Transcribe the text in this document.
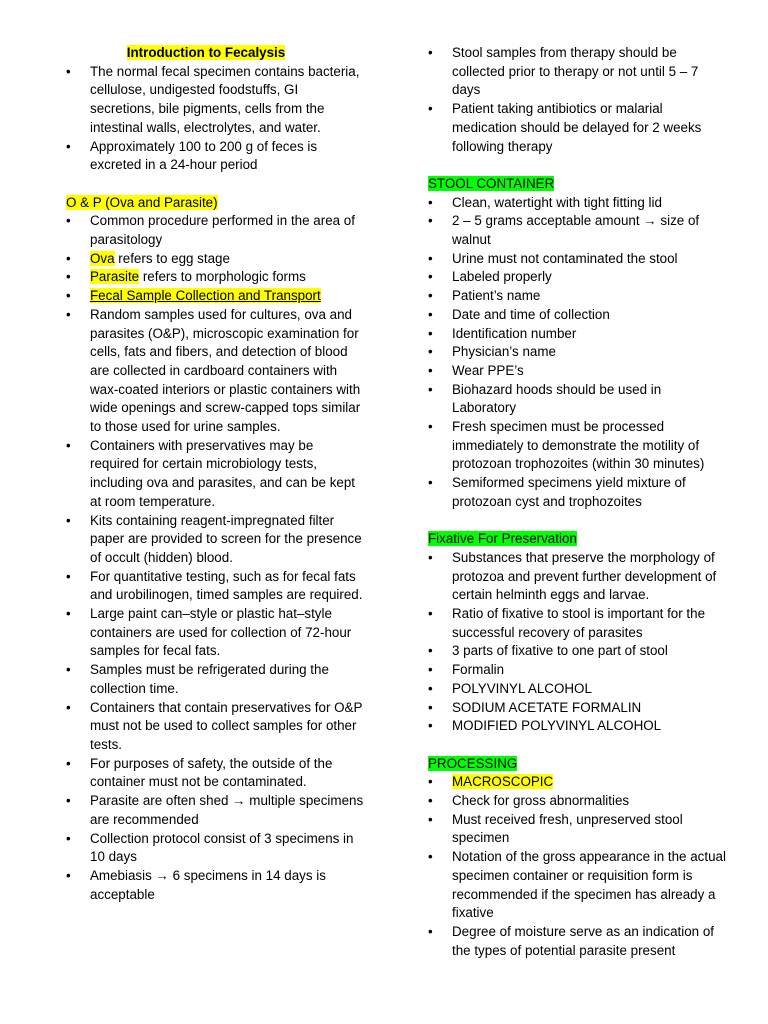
Introduction to Fecalysis
•	The normal fecal specimen contains bacteria, cellulose, undigested foodstuffs, GI secretions, bile pigments, cells from the intestinal walls, electrolytes, and water.
•	Approximately 100 to 200 g of feces is excreted in a 24-hour period
O & P (Ova and Parasite)
•	Common procedure performed in the area of parasitology
•	Ova refers to egg stage
•	Parasite refers to morphologic forms
•	Fecal Sample Collection and Transport
•	Random samples used for cultures, ova and parasites (O&P), microscopic examination for cells, fats and fibers, and detection of blood are collected in cardboard containers with wax-coated interiors or plastic containers with wide openings and screw-capped tops similar to those used for urine samples.
•	Containers with preservatives may be required for certain microbiology tests, including ova and parasites, and can be kept at room temperature.
•	Kits containing reagent-impregnated filter paper are provided to screen for the presence of occult (hidden) blood.
•	For quantitative testing, such as for fecal fats and urobilinogen, timed samples are required.
•	Large paint can–style or plastic hat–style containers are used for collection of 72-hour samples for fecal fats.
•	Samples must be refrigerated during the collection time.
•	Containers that contain preservatives for O&P must not be used to collect samples for other tests.
•	For purposes of safety, the outside of the container must not be contaminated.
•	Parasite are often shed → multiple specimens are recommended
•	Collection protocol consist of 3 specimens in 10 days
•	Amebiasis → 6 specimens in 14 days is acceptable
•	Stool samples from therapy should be collected prior to therapy or not until 5 – 7 days
•	Patient taking antibiotics or malarial medication should be delayed for 2 weeks following therapy
STOOL CONTAINER
•	Clean, watertight with tight fitting lid
•	2 – 5 grams acceptable amount → size of walnut
•	Urine must not contaminated the stool
•	Labeled properly
•	Patient’s name
•	Date and time of collection
•	Identification number
•	Physician’s name
•	Wear PPE’s
•	Biohazard hoods should be used in Laboratory
•	Fresh specimen must be processed immediately to demonstrate the motility of protozoan trophozoites (within 30 minutes)
•	Semiformed specimens yield mixture of protozoan cyst and trophozoites
Fixative For Preservation
•	Substances that preserve the morphology of protozoa and prevent further development of certain helminth eggs and larvae.
•	Ratio of fixative to stool is important for the successful recovery of parasites
•	3 parts of fixative to one part of stool
•	Formalin
•	POLYVINYL ALCOHOL
•	SODIUM ACETATE FORMALIN
•	MODIFIED POLYVINYL ALCOHOL
PROCESSING
•	MACROSCOPIC
•	Check for gross abnormalities
•	Must received fresh, unpreserved stool specimen
•	Notation of the gross appearance in the actual specimen container or requisition form is recommended if the specimen has already a fixative
•	Degree of moisture serve as an indication of the types of potential parasite present
